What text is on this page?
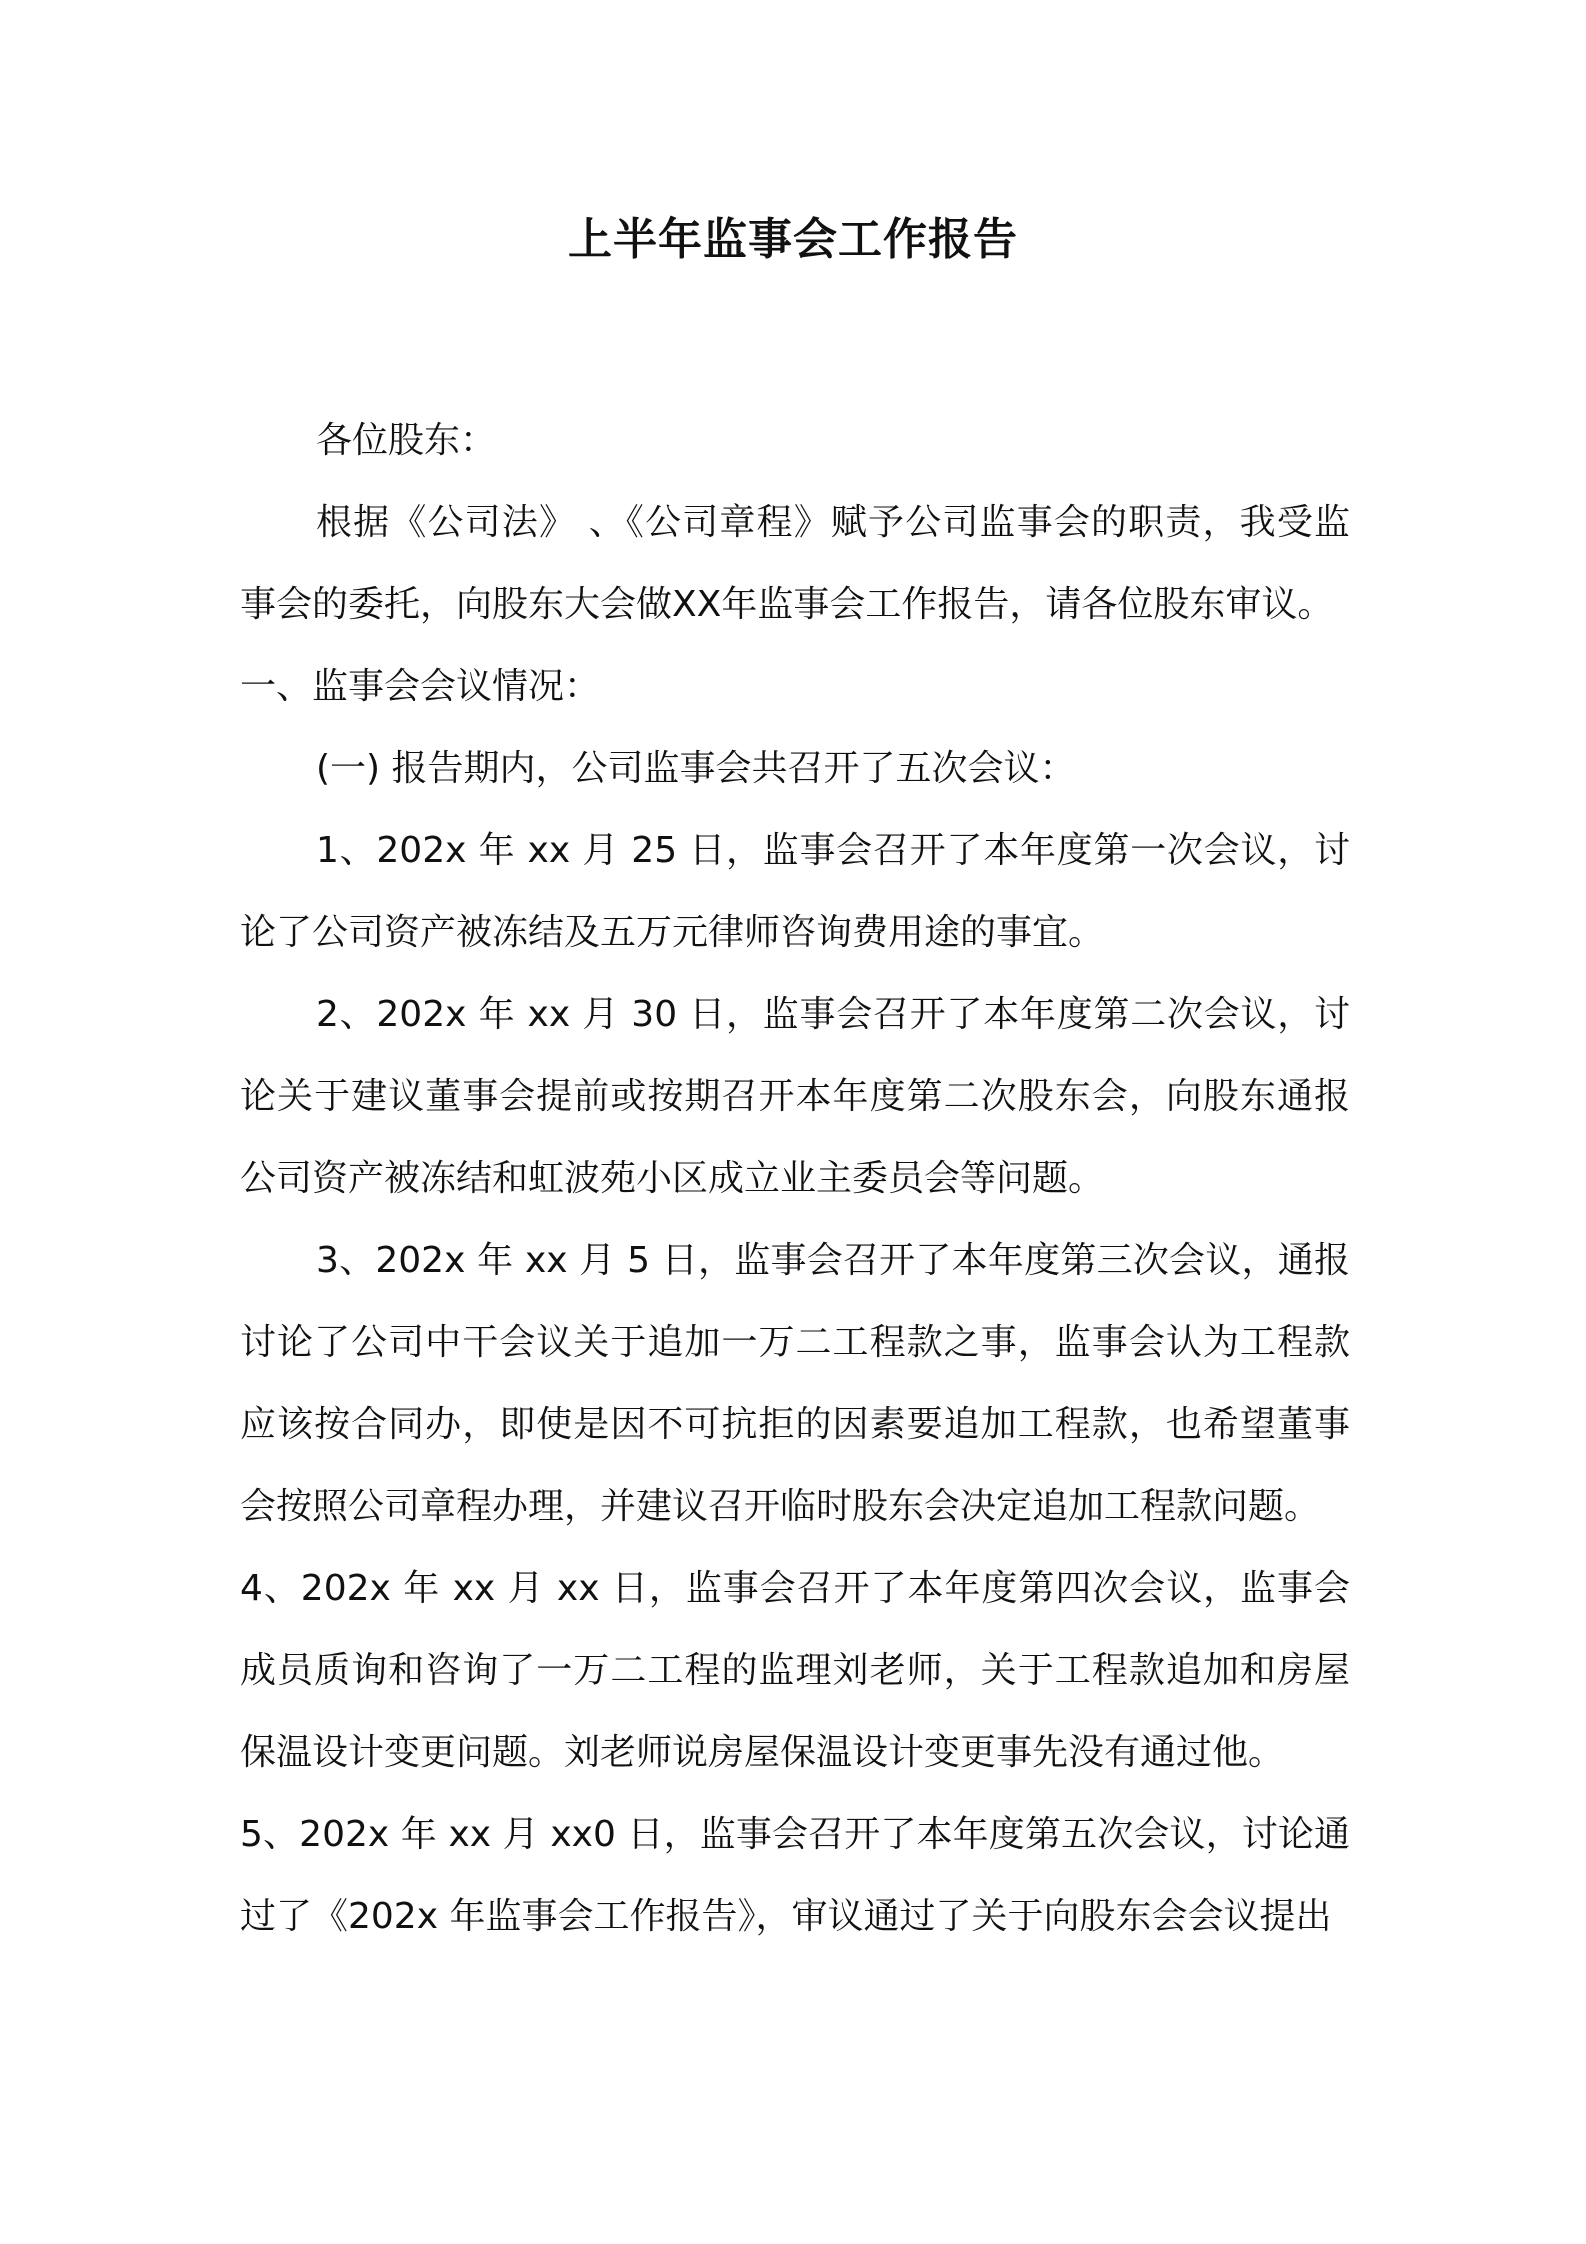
上半年监事会工作报告

各位股东：

根据《公司法》 、《公司章程》赋予公司监事会的职责，我受监事会的委托，向股东大会做XX年监事会工作报告，请各位股东审议。

一、监事会会议情况：

(一) 报告期内，公司监事会共召开了五次会议：

1、202x 年 xx 月 25 日，监事会召开了本年度第一次会议，讨论了公司资产被冻结及五万元律师咨询费用途的事宜。

2、202x 年 xx 月 30 日，监事会召开了本年度第二次会议，讨论关于建议董事会提前或按期召开本年度第二次股东会，向股东通报公司资产被冻结和虹波苑小区成立业主委员会等问题。

3、202x 年 xx 月 5 日，监事会召开了本年度第三次会议，通报讨论了公司中干会议关于追加一万二工程款之事，监事会认为工程款应该按合同办，即使是因不可抗拒的因素要追加工程款，也希望董事会按照公司章程办理，并建议召开临时股东会决定追加工程款问题。

4、202x 年 xx 月 xx 日，监事会召开了本年度第四次会议，监事会成员质询和咨询了一万二工程的监理刘老师，关于工程款追加和房屋保温设计变更问题。刘老师说房屋保温设计变更事先没有通过他。

5、202x 年 xx 月 xx0 日，监事会召开了本年度第五次会议，讨论通过了《202x 年监事会工作报告》，审议通过了关于向股东会会议提出
